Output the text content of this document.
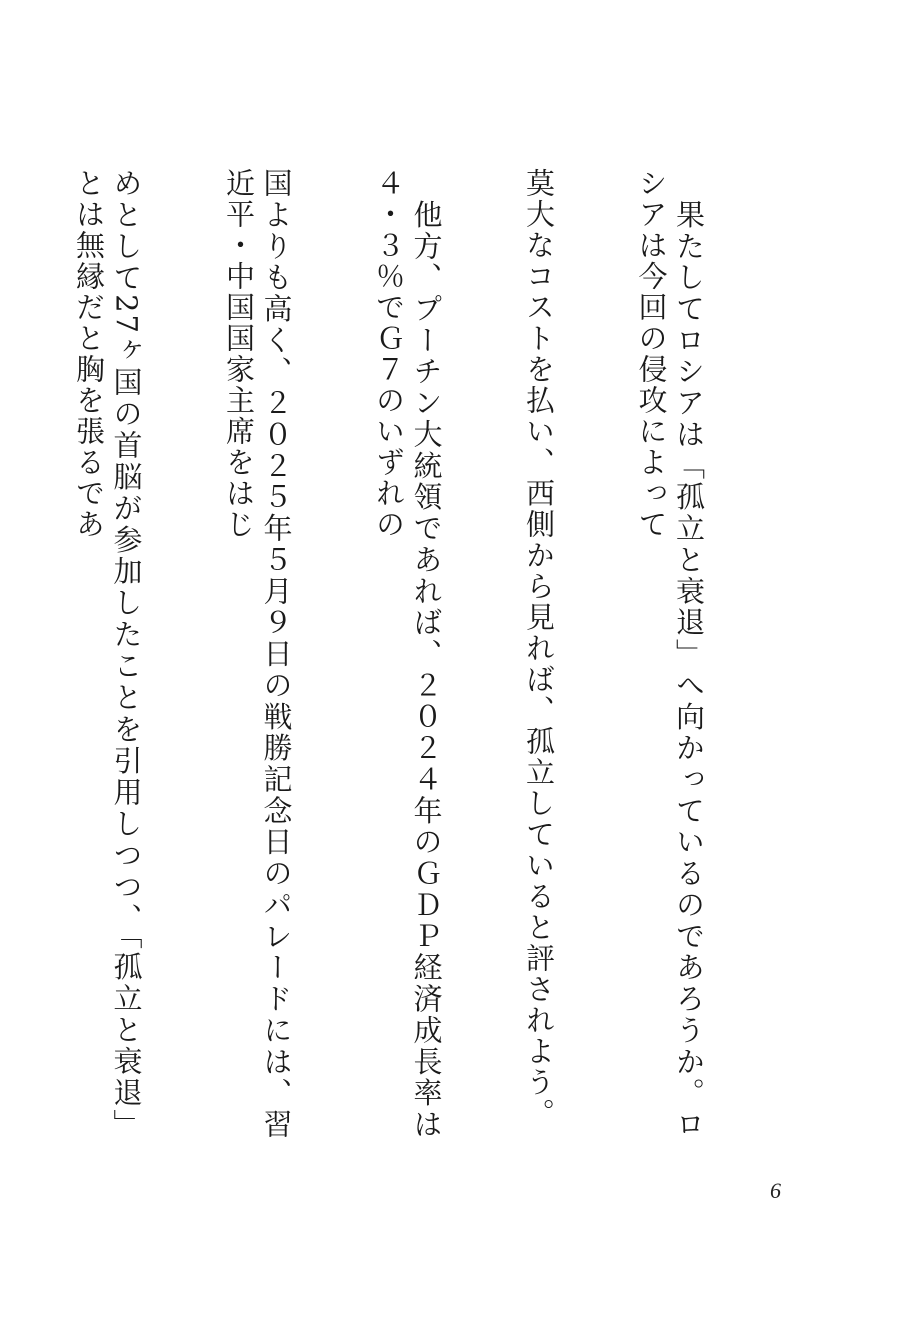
　果たしてロシアは「孤立と衰退」へ向かっているのであろうか。ロシアは今回の侵攻によって

莫大なコストを払い、西側から見れば、孤立していると評されよう。

　他方、プーチン大統領であれば、２０２４年のＧＤＰ経済成長率は４・３％でＧ７のいずれの

国よりも高く、２０２５年５月９日の戦勝記念日のパレードには、習近平・中国国家主席をはじ

めとして27ヶ国の首脳が参加したことを引用しつつ、「孤立と衰退」とは無縁だと胸を張るであ

6
